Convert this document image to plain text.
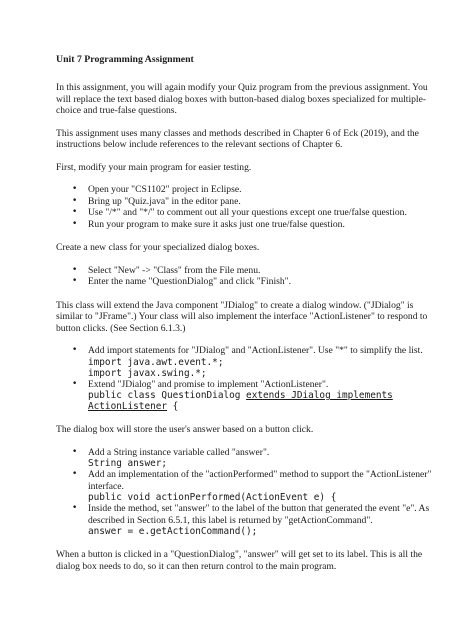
Unit 7 Programming Assignment

In this assignment, you will again modify your Quiz program from the previous assignment. You will replace the text based dialog boxes with button-based dialog boxes specialized for multiple-choice and true-false questions.

This assignment uses many classes and methods described in Chapter 6 of Eck (2019), and the instructions below include references to the relevant sections of Chapter 6.

First, modify your main program for easier testing.

• Open your "CS1102" project in Eclipse.
• Bring up "Quiz.java" in the editor pane.
• Use "/*" and "*/" to comment out all your questions except one true/false question.
• Run your program to make sure it asks just one true/false question.

Create a new class for your specialized dialog boxes.

• Select "New" -> "Class" from the File menu.
• Enter the name "QuestionDialog" and click "Finish".

This class will extend the Java component "JDialog" to create a dialog window. ("JDialog" is similar to "JFrame".) Your class will also implement the interface "ActionListener" to respond to button clicks. (See Section 6.1.3.)

• Add import statements for "JDialog" and "ActionListener". Use "*" to simplify the list.
import java.awt.event.*;
import javax.swing.*;
• Extend "JDialog" and promise to implement "ActionListener".
public class QuestionDialog extends JDialog implements
ActionListener {

The dialog box will store the user's answer based on a button click.

• Add a String instance variable called "answer".
String answer;
• Add an implementation of the "actionPerformed" method to support the "ActionListener" interface.
public void actionPerformed(ActionEvent e) {
• Inside the method, set "answer" to the label of the button that generated the event "e". As described in Section 6.5.1, this label is returned by "getActionCommand".
answer = e.getActionCommand();

When a button is clicked in a "QuestionDialog", "answer" will get set to its label. This is all the dialog box needs to do, so it can then return control to the main program.
